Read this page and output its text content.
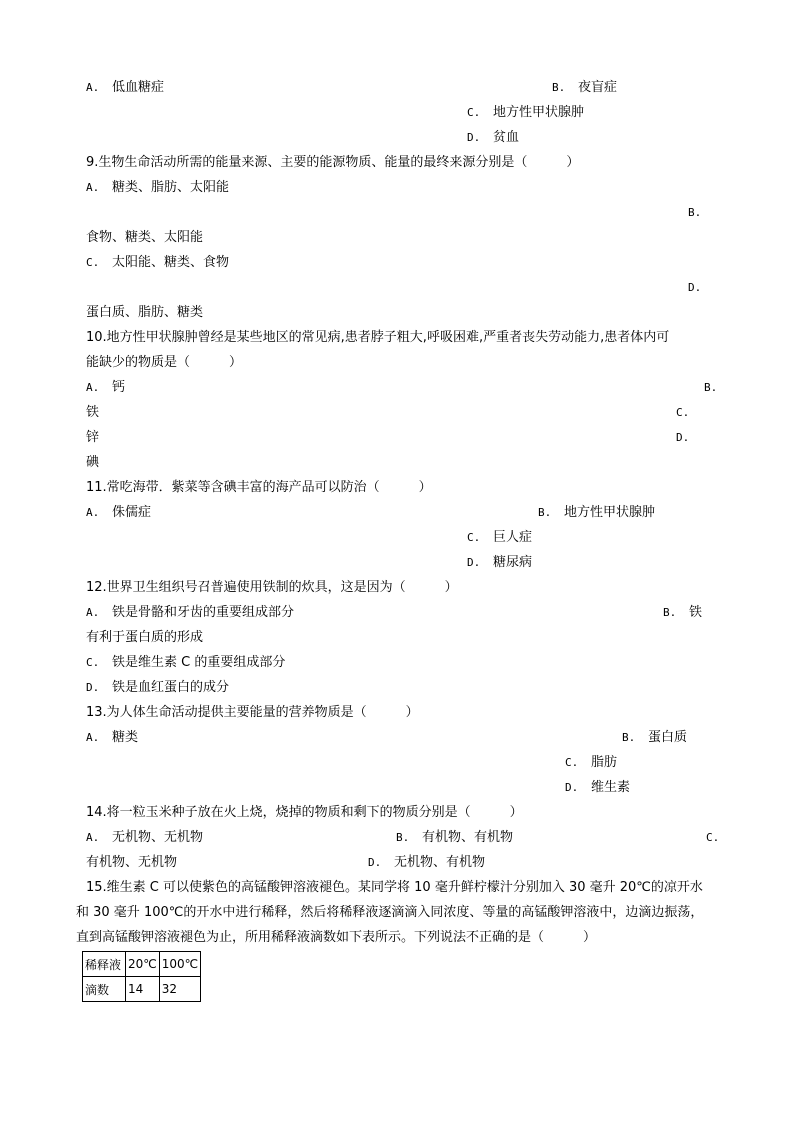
A. 低血糖症	B. 夜盲症
C. 地方性甲状腺肿
D. 贫血
9.生物生命活动所需的能量来源、主要的能源物质、能量的最终来源分别是（　　　）
A. 糖类、脂肪、太阳能
B.
食物、糖类、太阳能
C. 太阳能、糖类、食物
D.
蛋白质、脂肪、糖类
10.地方性甲状腺肿曾经是某些地区的常见病,患者脖子粗大,呼吸困难,严重者丧失劳动能力,患者体内可
能缺少的物质是（　　　）
A. 钙	B.
铁	C.
锌	D.
碘
11.常吃海带．紫菜等含碘丰富的海产品可以防治（　　　）
A. 侏儒症	B. 地方性甲状腺肿
C. 巨人症
D. 糖尿病
12.世界卫生组织号召普遍使用铁制的炊具，这是因为（　　　）
A. 铁是骨骼和牙齿的重要组成部分	B. 铁
有利于蛋白质的形成
C. 铁是维生素 C 的重要组成部分
D. 铁是血红蛋白的成分
13.为人体生命活动提供主要能量的营养物质是（　　　）
A. 糖类	B. 蛋白质
C. 脂肪
D. 维生素
14.将一粒玉米种子放在火上烧，烧掉的物质和剩下的物质分别是（　　　）
A. 无机物、无机物	B. 有机物、有机物	C.
有机物、无机物	D. 无机物、有机物
15.维生素 C 可以使紫色的高锰酸钾溶液褪色。某同学将 10 毫升鲜柠檬汁分别加入 30 毫升 20℃的凉开水
和 30 毫升 100℃的开水中进行稀释，然后将稀释液逐滴滴入同浓度、等量的高锰酸钾溶液中，边滴边振荡，
直到高锰酸钾溶液褪色为止，所用稀释液滴数如下表所示。下列说法不正确的是（　　　）
稀释液	20℃	100℃
滴数	14	32
